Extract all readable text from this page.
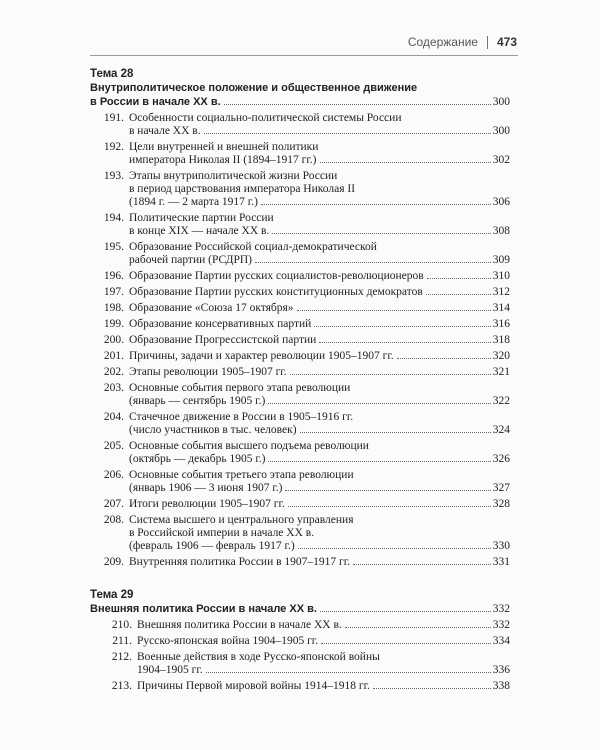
Содержание 473
Тема 28
Внутриполитическое положение и общественное движение
в России в начале XX в.	300
191. Особенности социально-политической системы России
в начале XX в.	300
192. Цели внутренней и внешней политики
императора Николая II (1894–1917 гг.)	302
193. Этапы внутриполитической жизни России
в период царствования императора Николая II
(1894 г. — 2 марта 1917 г.)	306
194. Политические партии России
в конце XIX — начале XX в.	308
195. Образование Российской социал-демократической
рабочей партии (РСДРП)	309
196. Образование Партии русских социалистов-революционеров	310
197. Образование Партии русских конституционных демократов	312
198. Образование «Союза 17 октября»	314
199. Образование консервативных партий	316
200. Образование Прогрессистской партии	318
201. Причины, задачи и характер революции 1905–1907 гг.	320
202. Этапы революции 1905–1907 гг.	321
203. Основные события первого этапа революции
(январь — сентябрь 1905 г.)	322
204. Стачечное движение в России в 1905–1916 гг.
(число участников в тыс. человек)	324
205. Основные события высшего подъема революции
(октябрь — декабрь 1905 г.)	326
206. Основные события третьего этапа революции
(январь 1906 — 3 июня 1907 г.)	327
207. Итоги революции 1905–1907 гг.	328
208. Система высшего и центрального управления
в Российской империи в начале XX в.
(февраль 1906 — февраль 1917 г.)	330
209. Внутренняя политика России в 1907–1917 гг.	331
Тема 29
Внешняя политика России в начале XX в.	332
210. Внешняя политика России в начале XX в.	332
211. Русско-японская война 1904–1905 гг.	334
212. Военные действия в ходе Русско-японской войны
1904–1905 гг.	336
213. Причины Первой мировой войны 1914–1918 гг.	338
